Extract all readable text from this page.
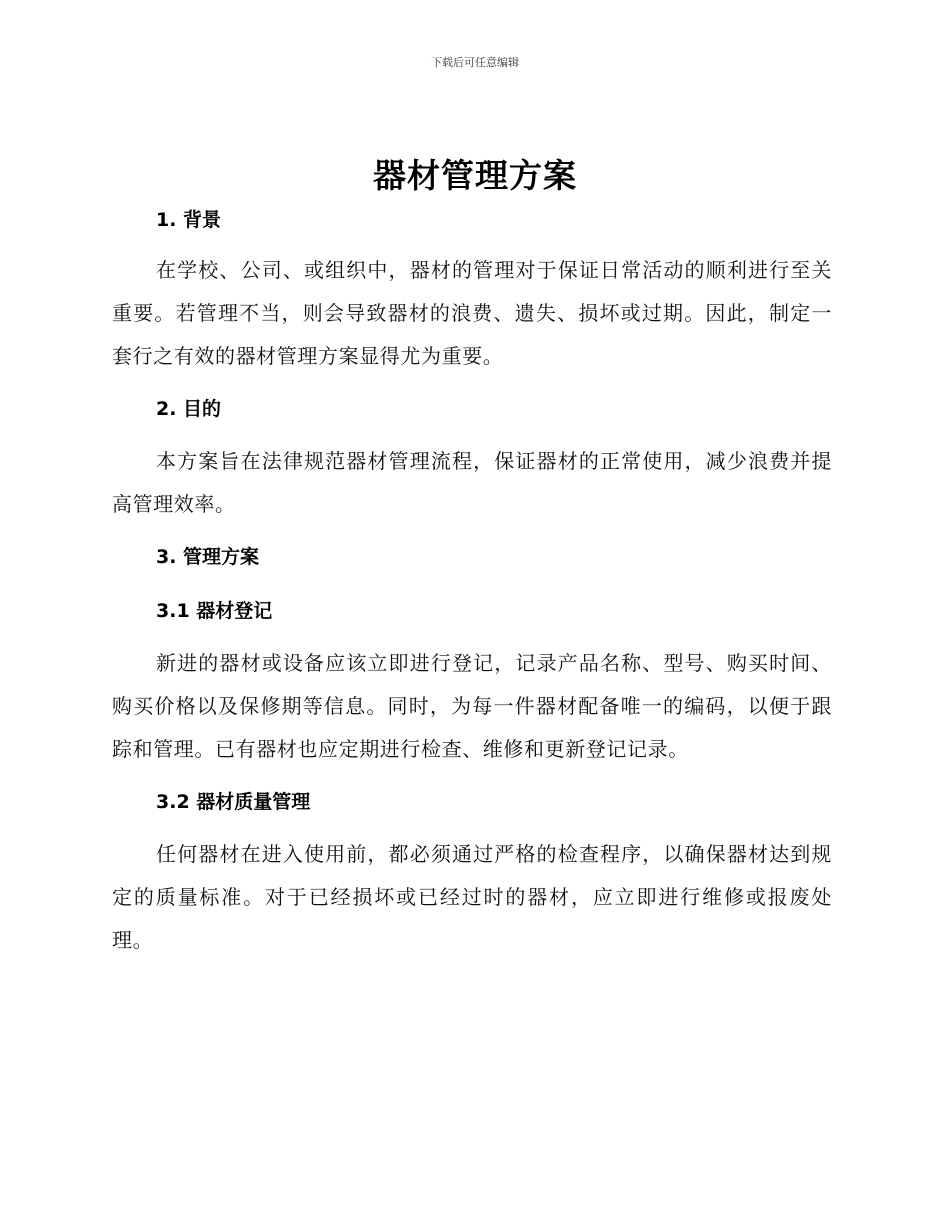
下载后可任意编辑
器材管理方案
1. 背景

在学校、公司、或组织中，器材的管理对于保证日常活动的顺利进行至关重要。若管理不当，则会导致器材的浪费、遗失、损坏或过期。因此，制定一套行之有效的器材管理方案显得尤为重要。

2. 目的

本方案旨在法律规范器材管理流程，保证器材的正常使用，减少浪费并提高管理效率。

3. 管理方案
3.1 器材登记

新进的器材或设备应该立即进行登记，记录产品名称、型号、购买时间、购买价格以及保修期等信息。同时，为每一件器材配备唯一的编码，以便于跟踪和管理。已有器材也应定期进行检查、维修和更新登记记录。

3.2 器材质量管理

任何器材在进入使用前，都必须通过严格的检查程序，以确保器材达到规定的质量标准。对于已经损坏或已经过时的器材，应立即进行维修或报废处理。
